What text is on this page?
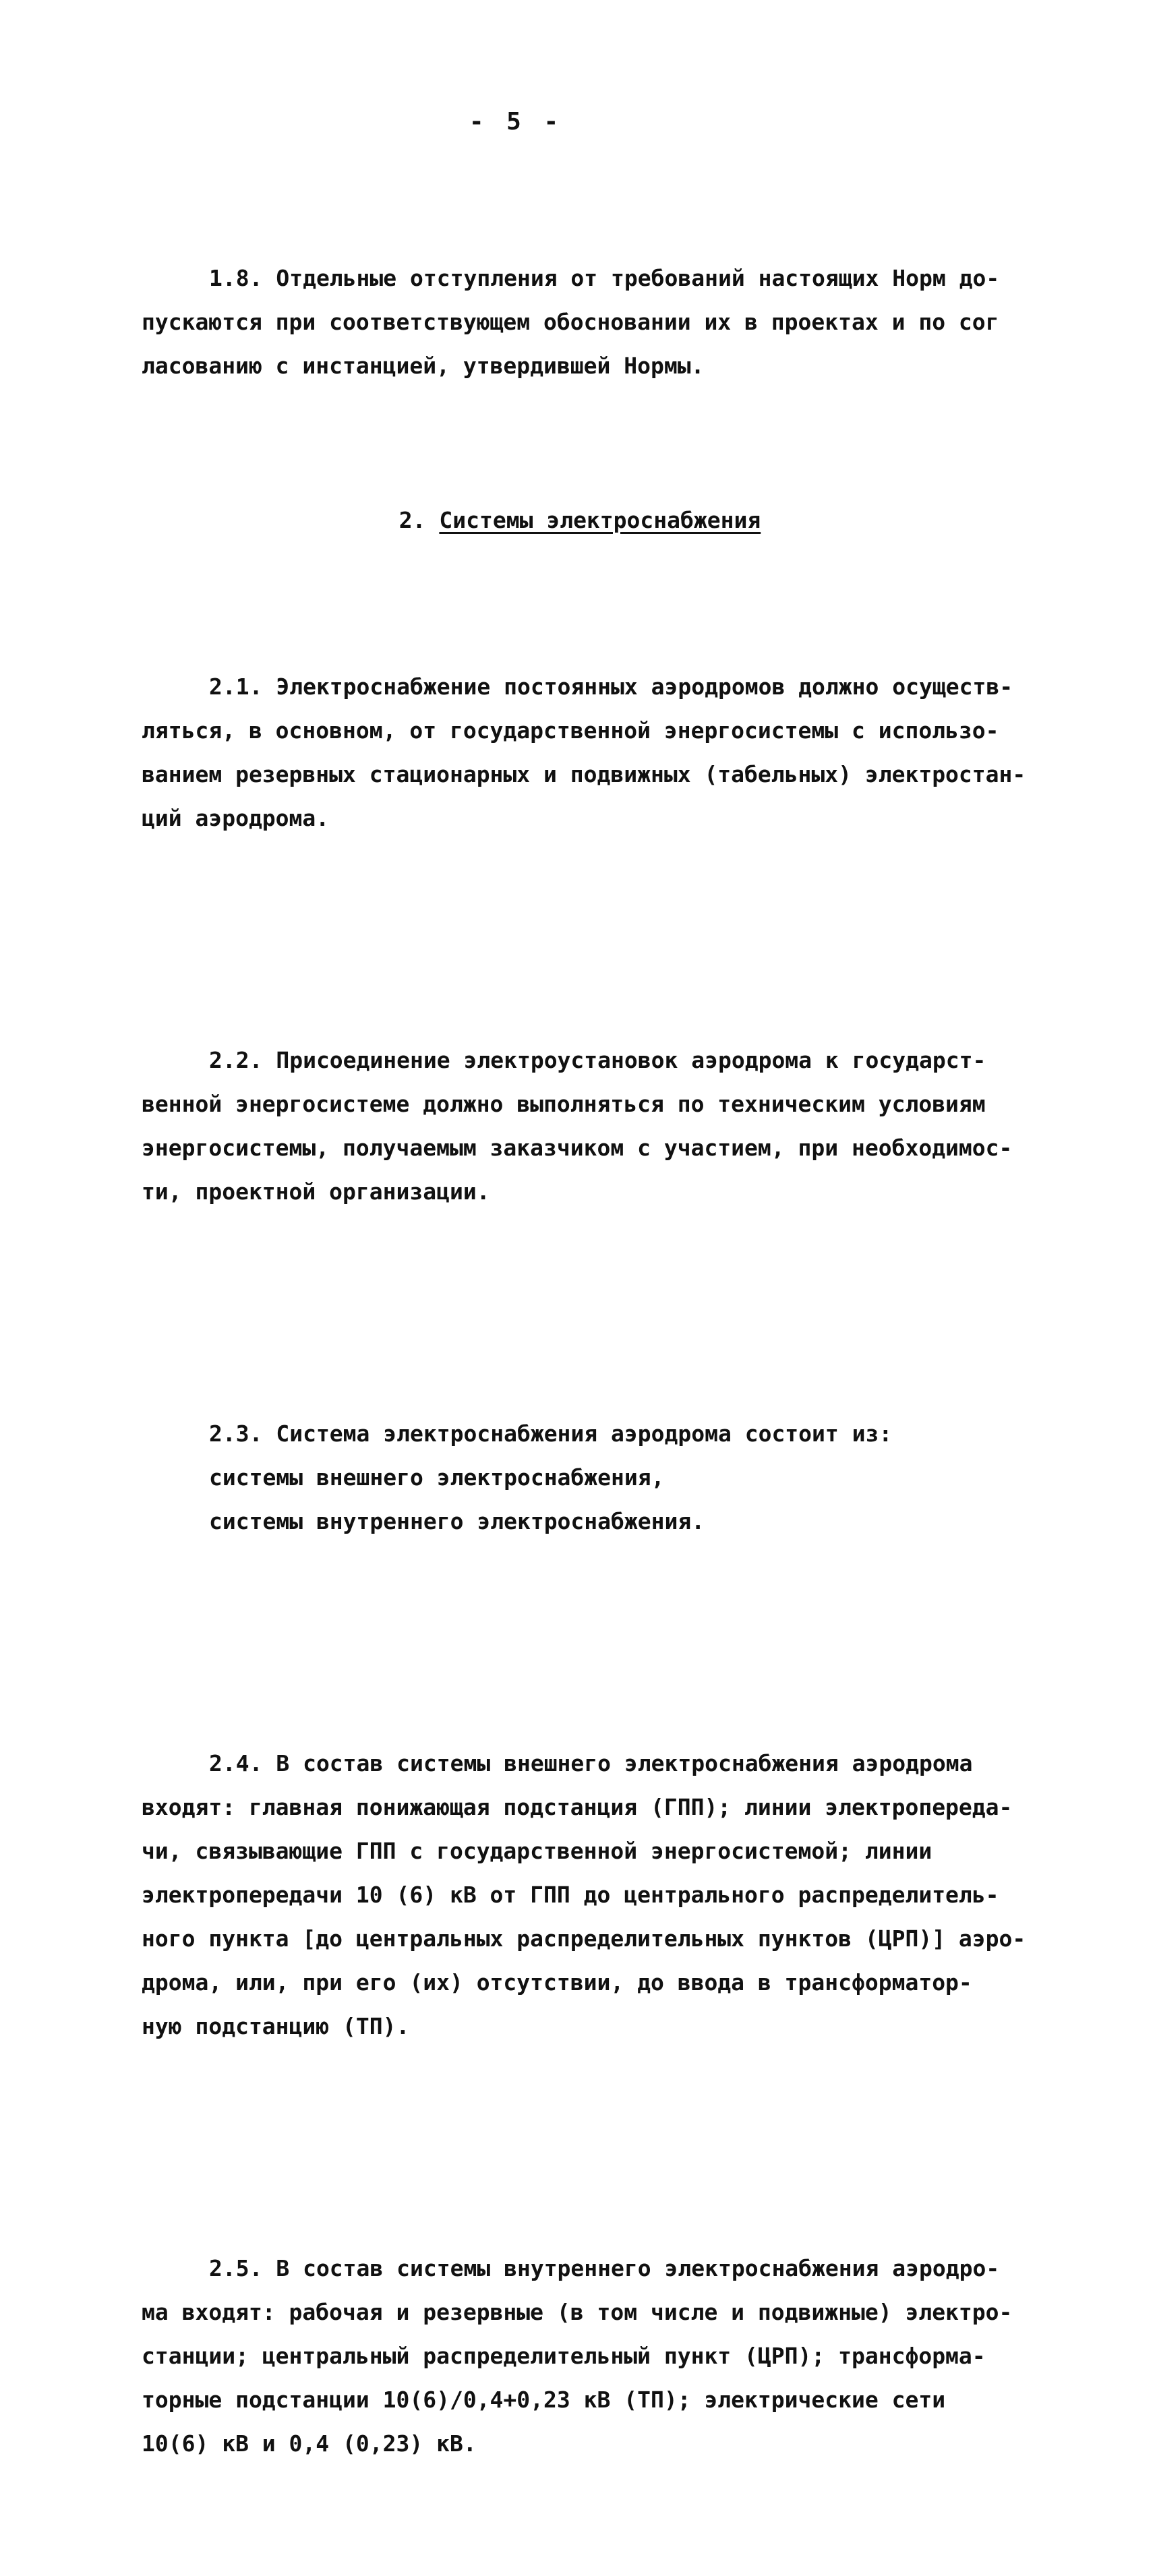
- 5 -

1.8. Отдельные отступления от требований настоящих Норм до-
пускаются при соответствующем обосновании их в проектах и по сог
ласованию с инстанцией, утвердившей Нормы.

2. Системы электроснабжения

2.1. Электроснабжение постоянных аэродромов должно осуществ-
ляться, в основном, от государственной энергосистемы с использо-
ванием резервных стационарных и подвижных (табельных) электростан-
ций аэродрома.

2.2. Присоединение электроустановок аэродрома к государст-
венной энергосистеме должно выполняться по техническим условиям
энергосистемы, получаемым заказчиком с участием, при необходимос-
ти, проектной организации.

2.3. Система электроснабжения аэродрома состоит из:
системы внешнего электроснабжения,
системы внутреннего электроснабжения.

2.4. В состав системы внешнего электроснабжения аэродрома
входят: главная понижающая подстанция (ГПП); линии электропереда-
чи, связывающие ГПП с государственной энергосистемой; линии
электропередачи 10 (6) кВ от ГПП до центрального распределитель-
ного пункта [до центральных распределительных пунктов (ЦРП)] аэро-
дрома, или, при его (их) отсутствии, до ввода в трансформатор-
ную подстанцию (ТП).

2.5. В состав системы внутреннего электроснабжения аэродро-
ма входят: рабочая и резервные (в том числе и подвижные) электро-
станции; центральный распределительный пункт (ЦРП); трансформа-
торные подстанции 10(6)/0,4+0,23 кВ (ТП); электрические сети
10(6) кВ и 0,4 (0,23) кВ.
